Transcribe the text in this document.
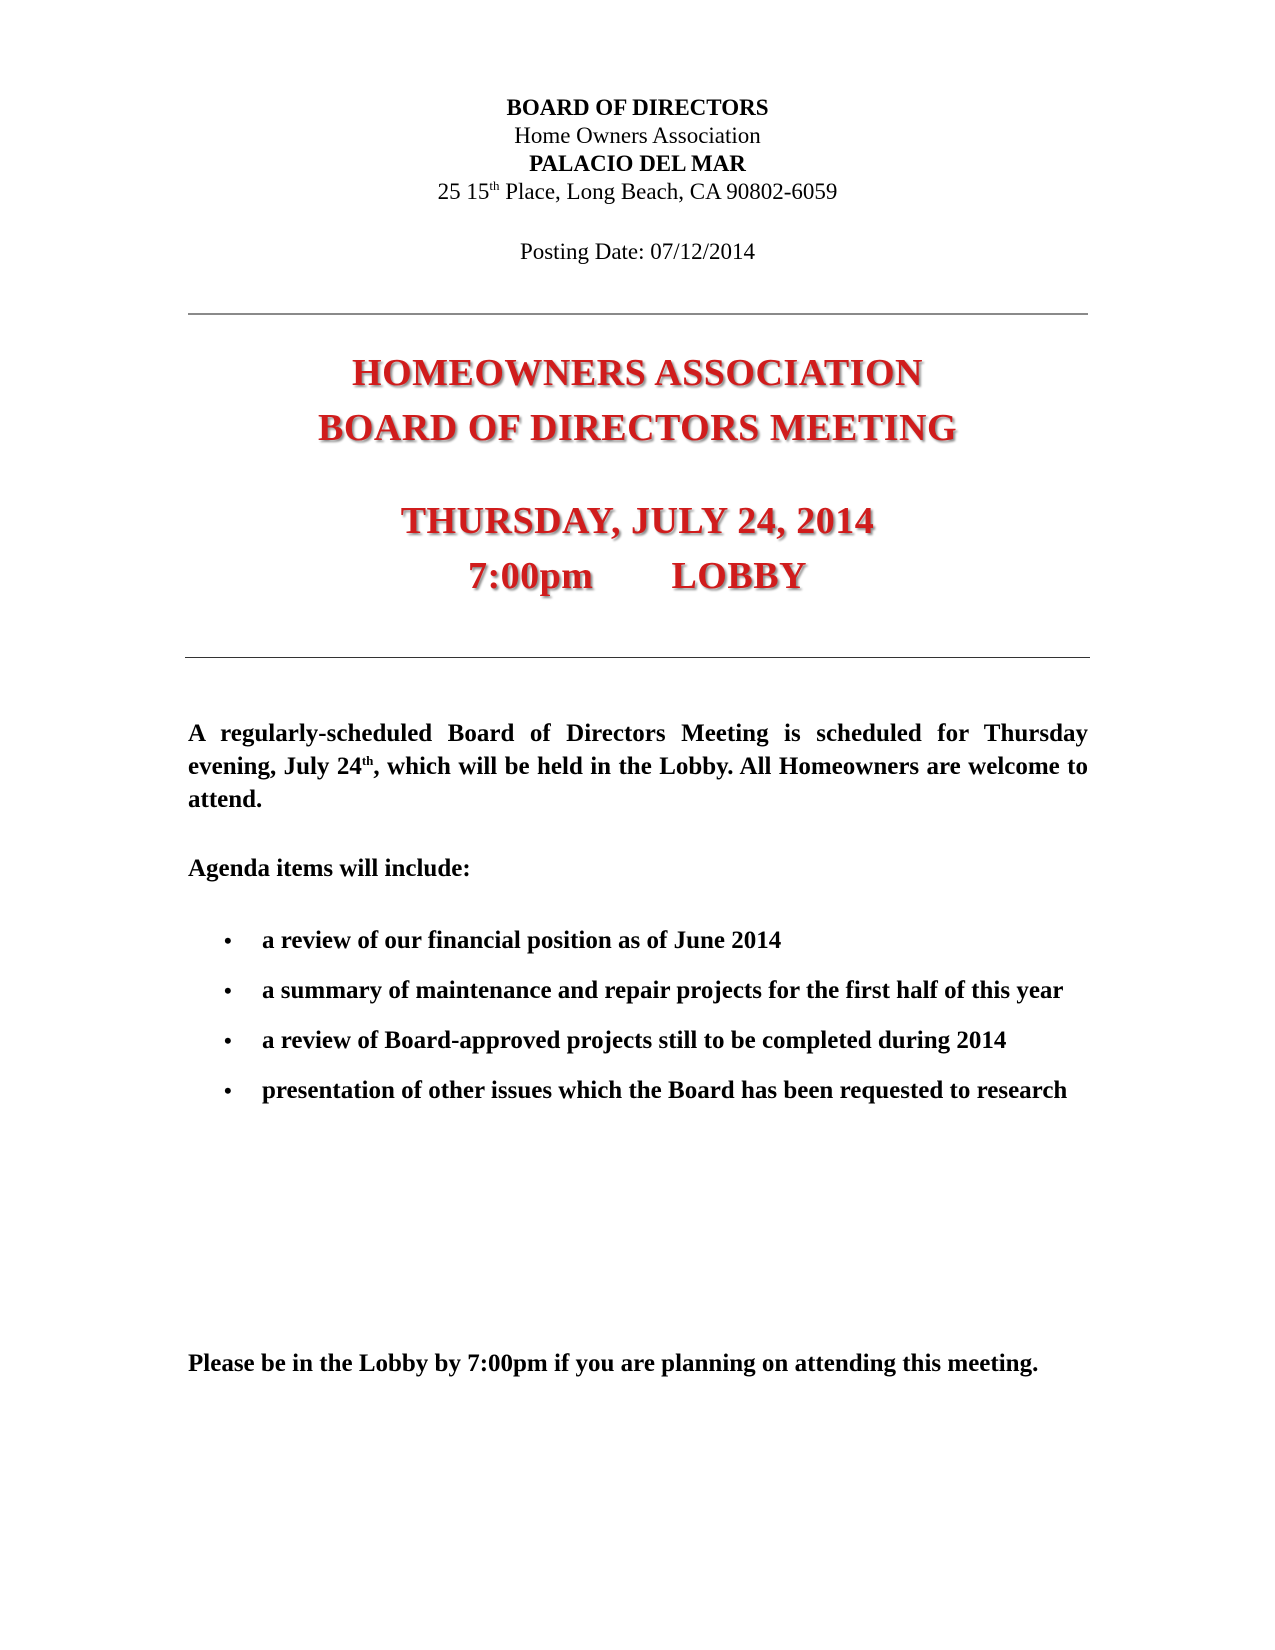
BOARD OF DIRECTORS
Home Owners Association
PALACIO DEL MAR
25 15th Place, Long Beach, CA 90802-6059
Posting Date: 07/12/2014
HOMEOWNERS ASSOCIATION
BOARD OF DIRECTORS MEETING
THURSDAY, JULY 24, 2014
7:00pm LOBBY
A regularly-scheduled Board of Directors Meeting is scheduled for Thursday evening, July 24th, which will be held in the Lobby. All Homeowners are welcome to attend.
Agenda items will include:
• a review of our financial position as of June 2014
• a summary of maintenance and repair projects for the first half of this year
• a review of Board-approved projects still to be completed during 2014
• presentation of other issues which the Board has been requested to research
Please be in the Lobby by 7:00pm if you are planning on attending this meeting.
